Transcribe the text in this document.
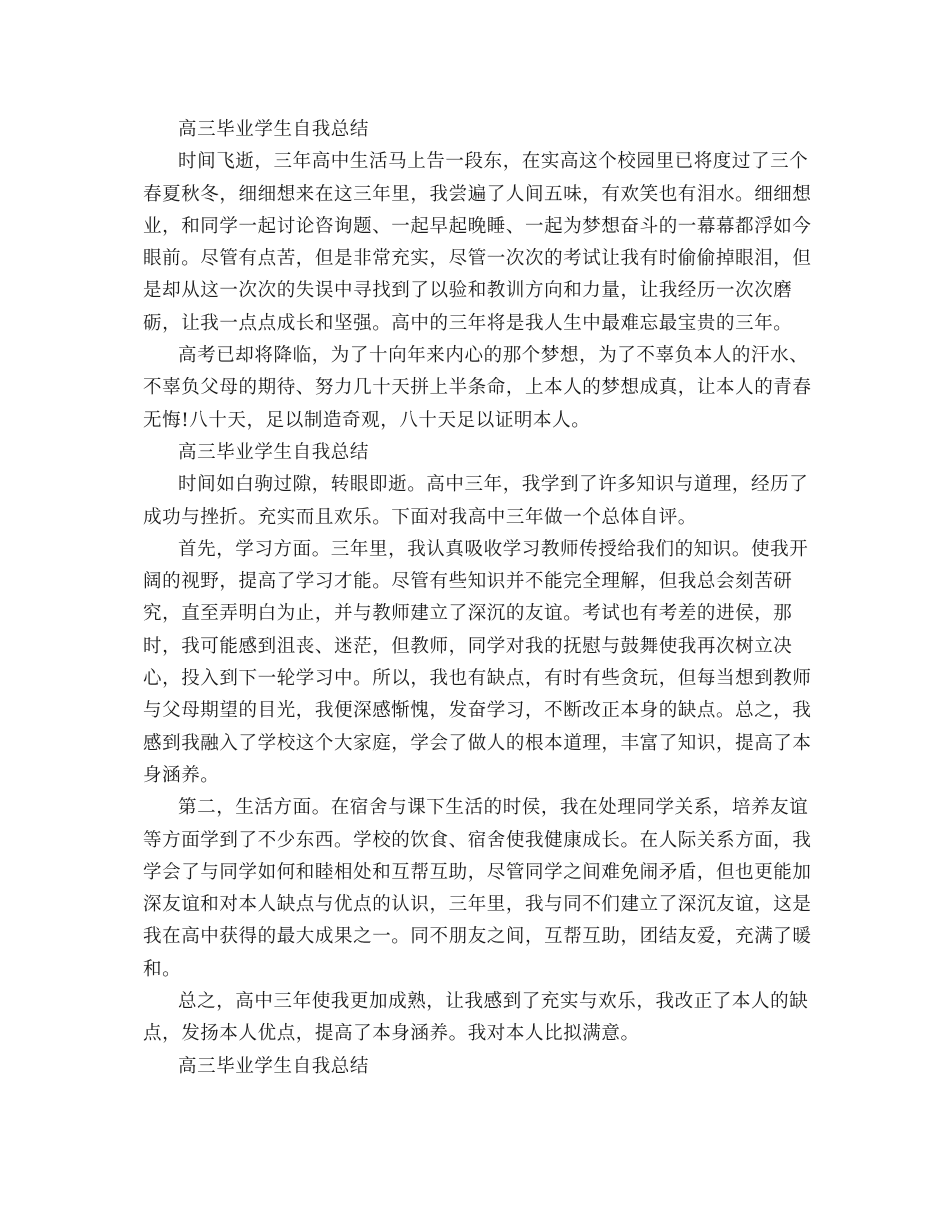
高三毕业学生自我总结

时间飞逝，三年高中生活马上告一段东，在实高这个校园里已将度过了三个春夏秋冬，细细想来在这三年里，我尝遍了人间五味，有欢笑也有泪水。细细想业，和同学一起讨论咨询题、一起早起晚睡、一起为梦想奋斗的一幕幕都浮如今眼前。尽管有点苦，但是非常充实，尽管一次次的考试让我有时偷偷掉眼泪，但是却从这一次次的失误中寻找到了以验和教训方向和力量，让我经历一次次磨砺，让我一点点成长和坚强。高中的三年将是我人生中最难忘最宝贵的三年。

高考已却将降临，为了十向年来内心的那个梦想，为了不辜负本人的汗水、不辜负父母的期待、努力几十天拼上半条命，上本人的梦想成真，让本人的青春无悔!八十天，足以制造奇观，八十天足以证明本人。

高三毕业学生自我总结

时间如白驹过隙，转眼即逝。高中三年，我学到了许多知识与道理，经历了成功与挫折。充实而且欢乐。下面对我高中三年做一个总体自评。

首先，学习方面。三年里，我认真吸收学习教师传授给我们的知识。使我开阔的视野，提高了学习才能。尽管有些知识并不能完全理解，但我总会刻苦研究，直至弄明白为止，并与教师建立了深沉的友谊。考试也有考差的进侯，那时，我可能感到沮丧、迷茫，但教师，同学对我的抚慰与鼓舞使我再次树立决心，投入到下一轮学习中。所以，我也有缺点，有时有些贪玩，但每当想到教师与父母期望的目光，我便深感惭愧，发奋学习，不断改正本身的缺点。总之，我感到我融入了学校这个大家庭，学会了做人的根本道理，丰富了知识，提高了本身涵养。

第二，生活方面。在宿舍与课下生活的时侯，我在处理同学关系，培养友谊等方面学到了不少东西。学校的饮食、宿舍使我健康成长。在人际关系方面，我学会了与同学如何和睦相处和互帮互助，尽管同学之间难免闹矛盾，但也更能加深友谊和对本人缺点与优点的认识，三年里，我与同不们建立了深沉友谊，这是我在高中获得的最大成果之一。同不朋友之间，互帮互助，团结友爱，充满了暖和。

总之，高中三年使我更加成熟，让我感到了充实与欢乐，我改正了本人的缺点，发扬本人优点，提高了本身涵养。我对本人比拟满意。

高三毕业学生自我总结
